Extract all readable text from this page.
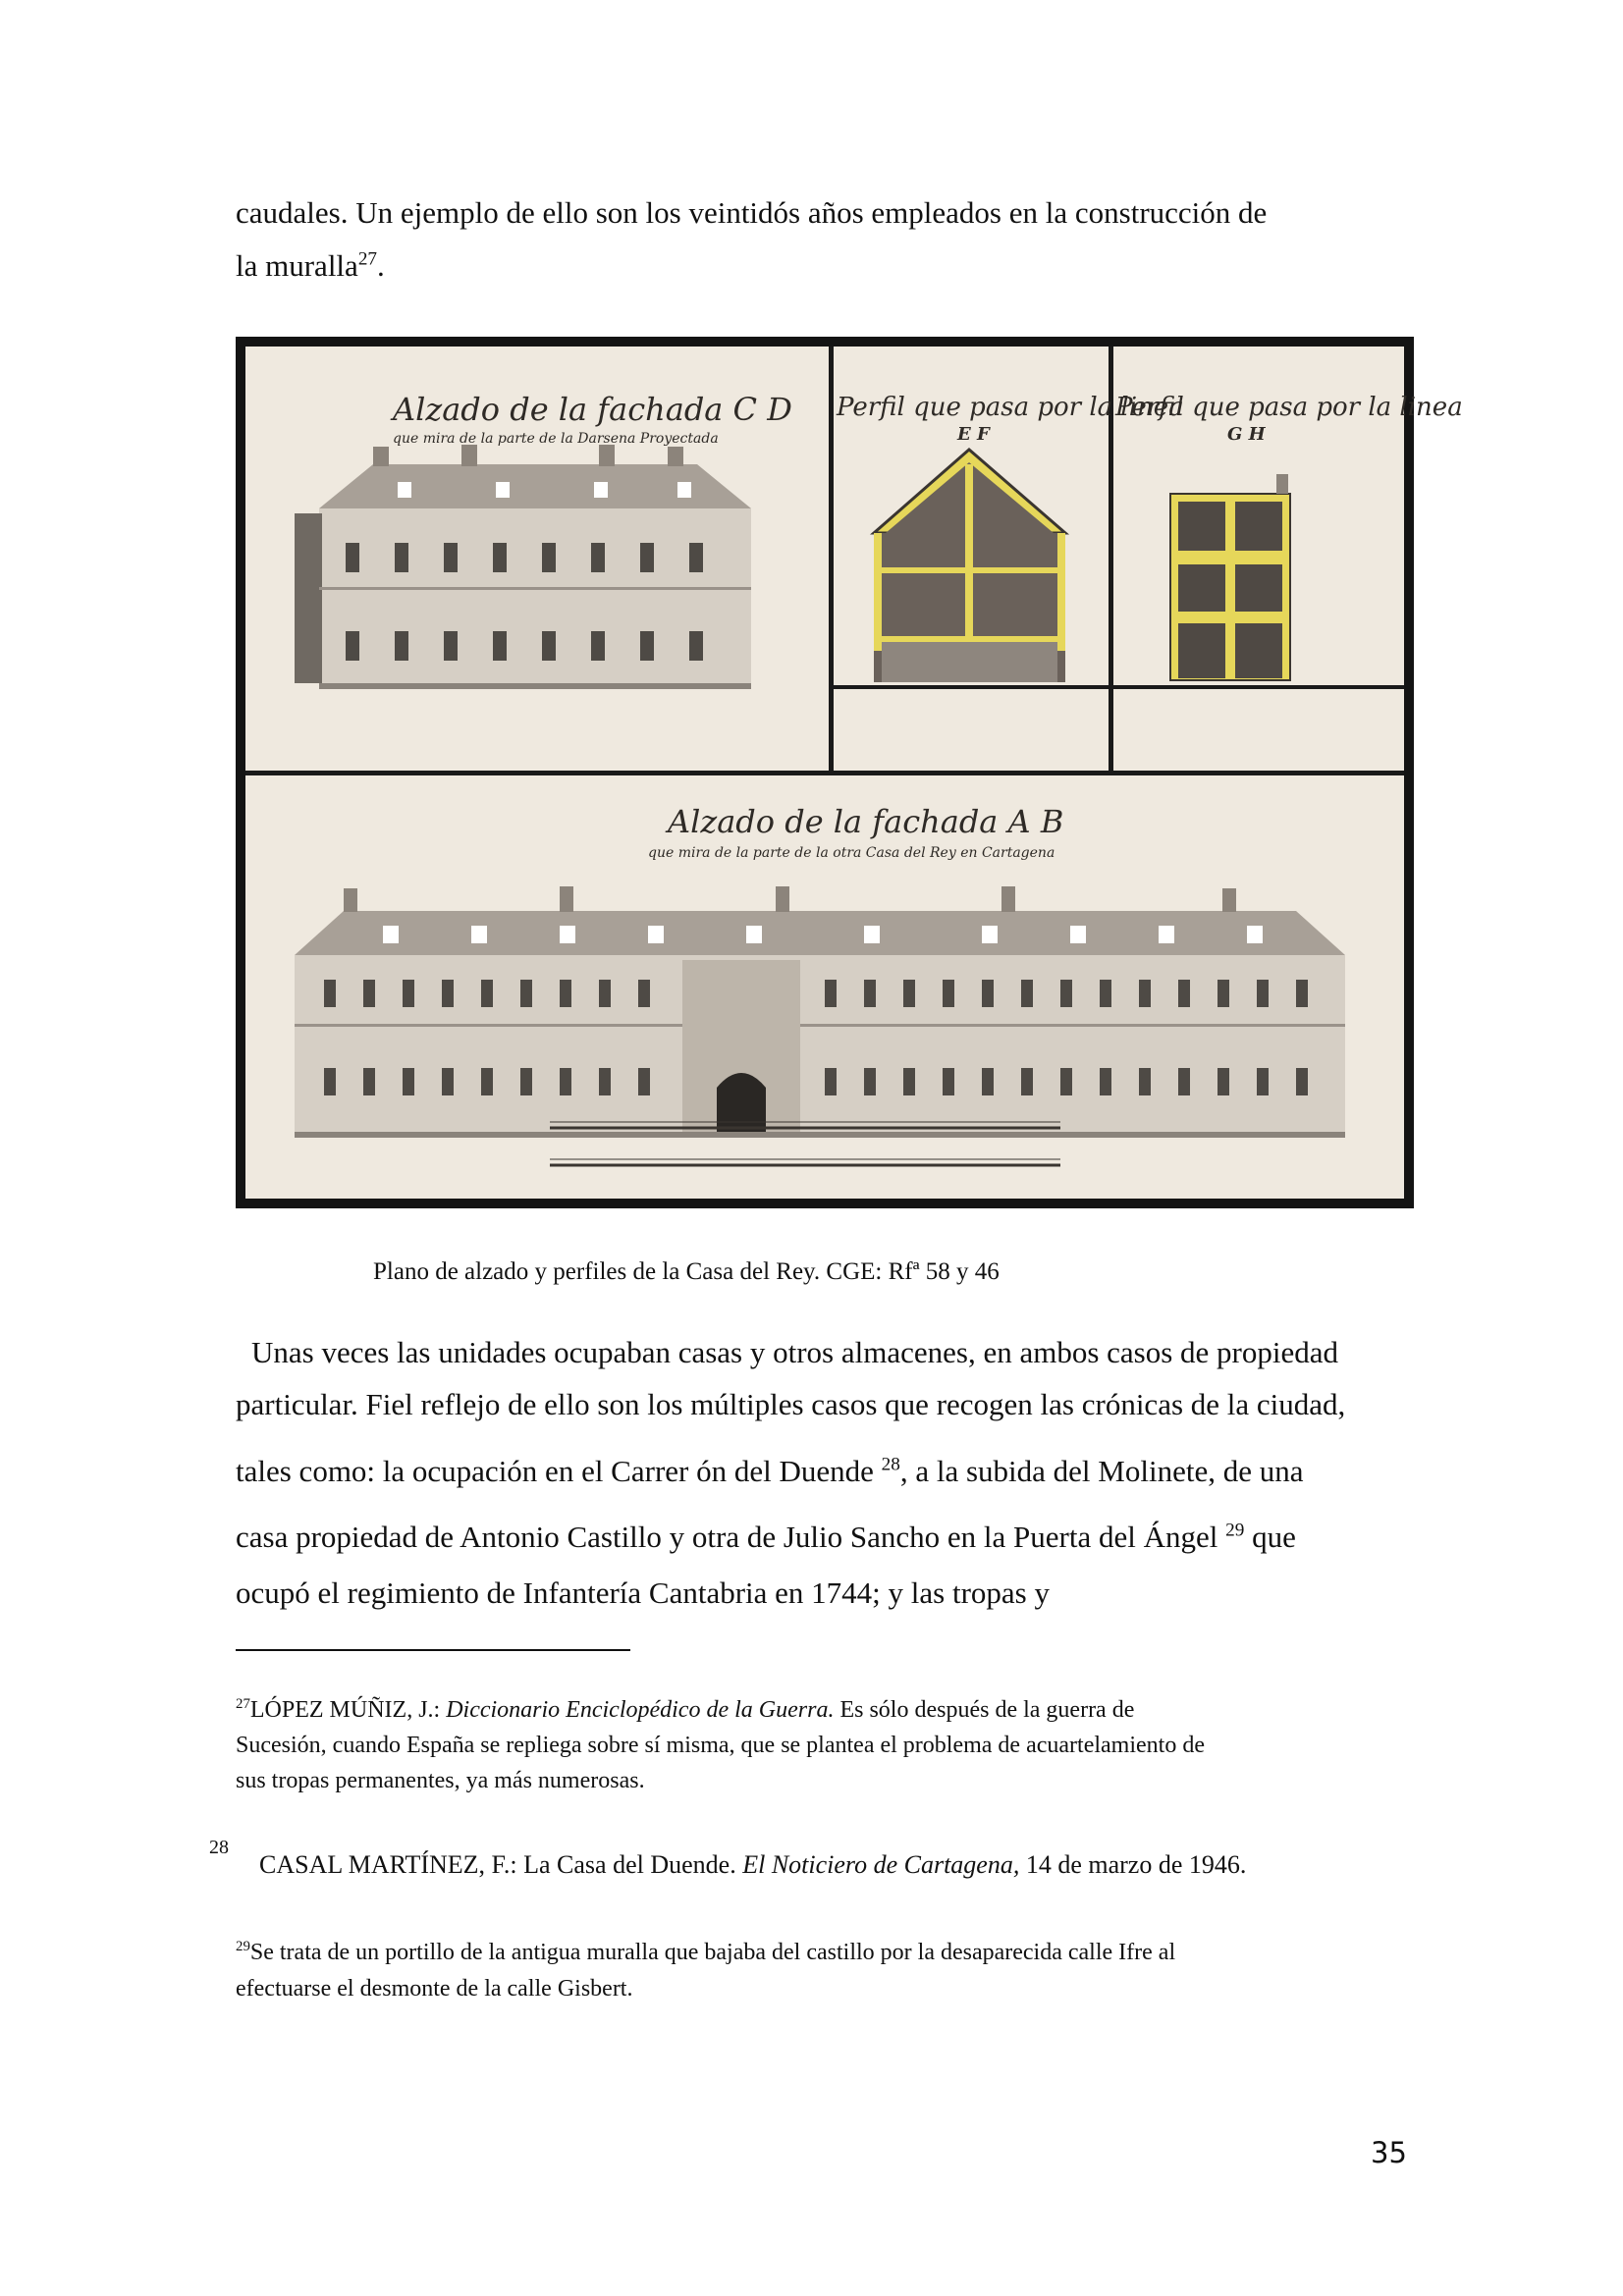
caudales. Un ejemplo de ello son los veintidós años empleados en la construcción de
la muralla$^{27}$.
Alzado de la fachada C D
que mira de la parte de la Darsena Proyectada
Perfil que pasa por la linea
E F
Perfil que pasa por la linea
G H
Alzado de la fachada A B
que mira de la parte de la otra Casa del Rey en Cartagena
Plano de alzado y perfiles de la Casa del Rey. CGE: Rfª 58 y 46
Unas veces las unidades ocupaban casas y otros almacenes, en ambos casos de propiedad
particular. Fiel reflejo de ello son los múltiples casos que recogen las crónicas de la ciudad,
tales como: la ocupación en el Carrer ón del Duende $^{28}$, a la subida del Molinete, de una
casa propiedad de Antonio Castillo y otra de Julio Sancho en la Puerta del Ángel $^{29}$ que
ocupó el regimiento de Infantería Cantabria en 1744; y las tropas y
$^{27}$LÓPEZ MÚÑIZ, J.: Diccionario Enciclopédico de la Guerra. Es sólo después de la guerra de
Sucesión, cuando España se repliega sobre sí misma, que se plantea el problema de acuartelamiento de
sus tropas permanentes, ya más numerosas.
28
CASAL MARTÍNEZ, F.: La Casa del Duende. El Noticiero de Cartagena, 14 de marzo de 1946.
$^{29}$Se trata de un portillo de la antigua muralla que bajaba del castillo por la desaparecida calle Ifre al
efectuarse el desmonte de la calle Gisbert.
35
